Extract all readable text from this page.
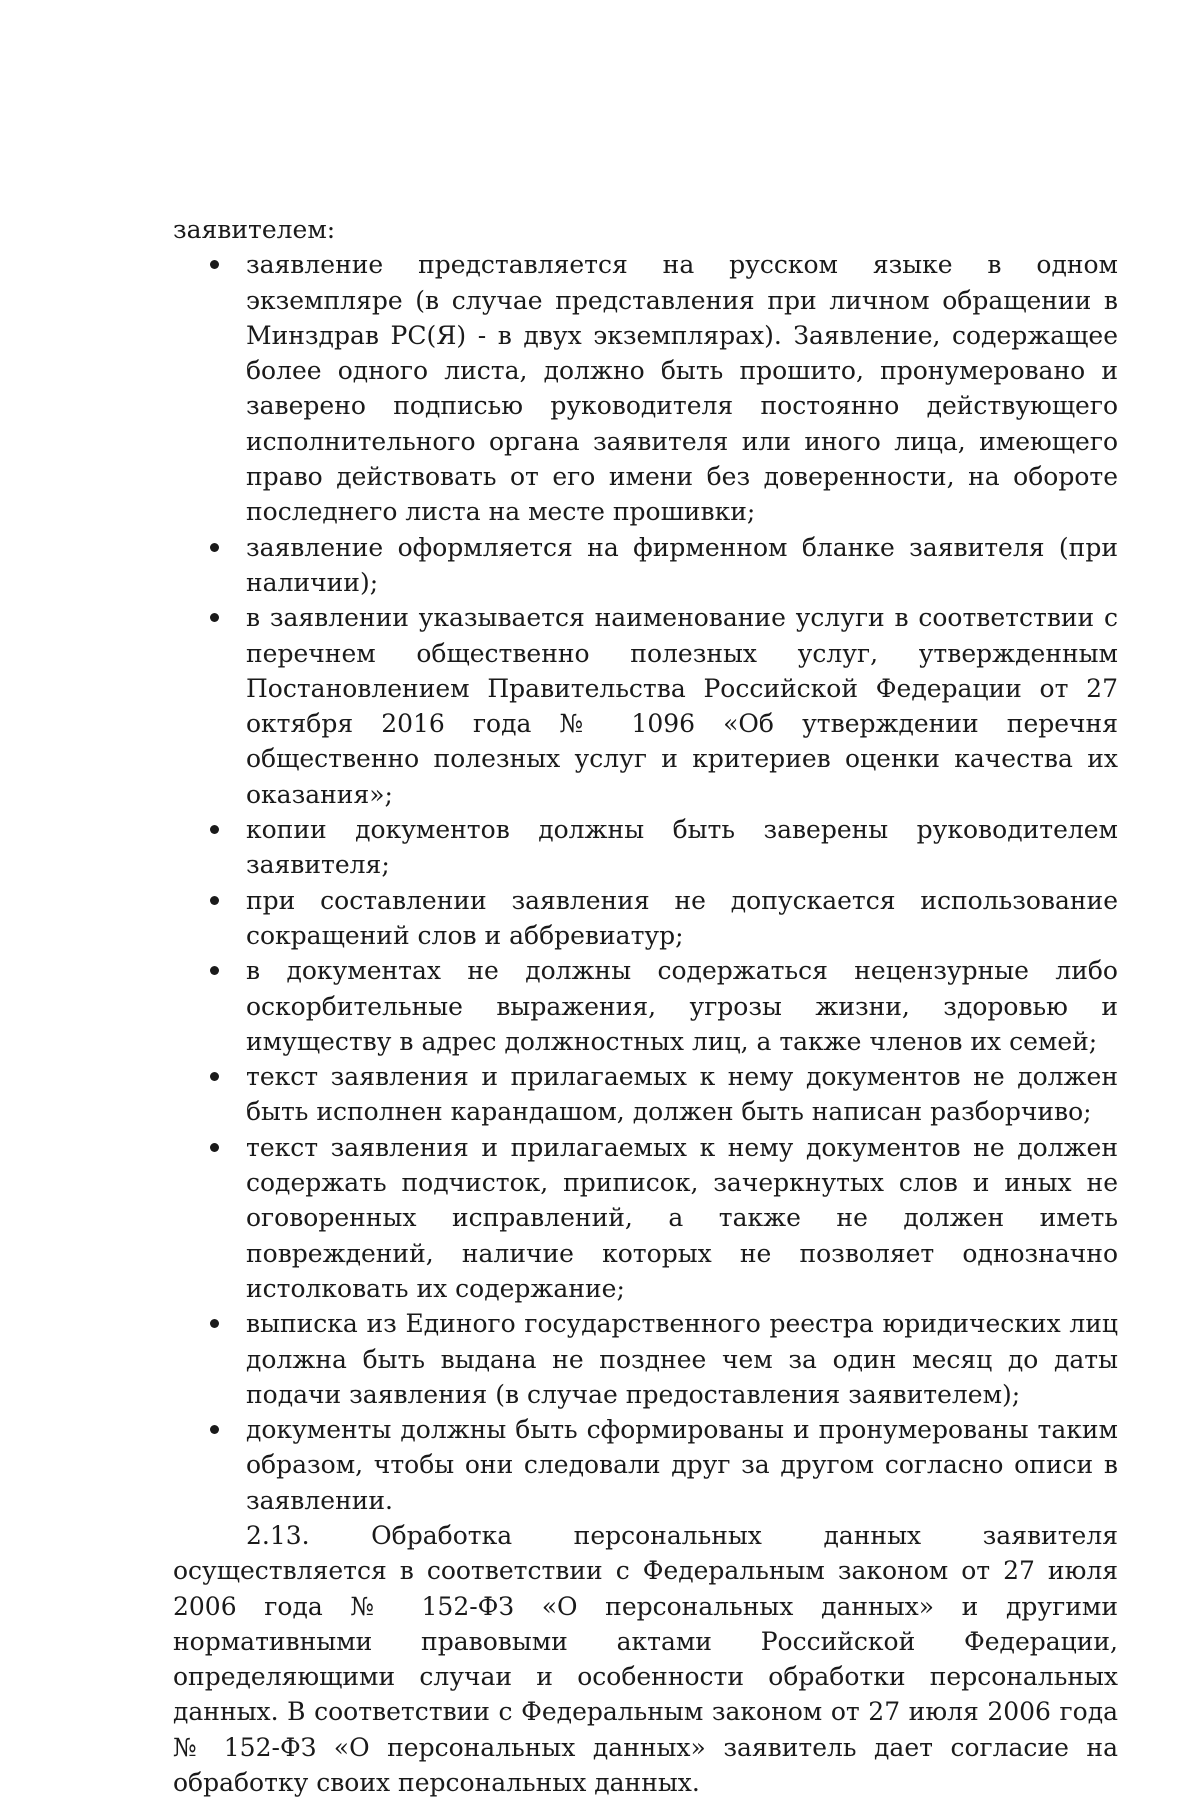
заявителем:

заявление представляется на русском языке в одном экземпляре (в случае представления при личном обращении в Минздрав РС(Я) - в двух экземплярах). Заявление, содержащее более одного листа, должно быть прошито, пронумеровано и заверено подписью руководителя постоянно действующего исполнительного органа заявителя или иного лица, имеющего право действовать от его имени без доверенности, на обороте последнего листа на месте прошивки;
заявление оформляется на фирменном бланке заявителя (при наличии);
в заявлении указывается наименование услуги в соответствии с перечнем общественно полезных услуг, утвержденным Постановлением Правительства Российской Федерации от 27 октября 2016 года № 1096 «Об утверждении перечня общественно полезных услуг и критериев оценки качества их оказания»;
копии документов должны быть заверены руководителем заявителя;
при составлении заявления не допускается использование сокращений слов и аббревиатур;
в документах не должны содержаться нецензурные либо оскорбительные выражения, угрозы жизни, здоровью и имуществу в адрес должностных лиц, а также членов их семей;
текст заявления и прилагаемых к нему документов не должен быть исполнен карандашом, должен быть написан разборчиво;
текст заявления и прилагаемых к нему документов не должен содержать подчисток, приписок, зачеркнутых слов и иных не оговоренных исправлений, а также не должен иметь повреждений, наличие которых не позволяет однозначно истолковать их содержание;
выписка из Единого государственного реестра юридических лиц должна быть выдана не позднее чем за один месяц до даты подачи заявления (в случае предоставления заявителем);
документы должны быть сформированы и пронумерованы таким образом, чтобы они следовали друг за другом согласно описи в заявлении.

2.13. Обработка персональных данных заявителя осуществляется в соответствии с Федеральным законом от 27 июля 2006 года № 152-ФЗ «О персональных данных» и другими нормативными правовыми актами Российской Федерации, определяющими случаи и особенности обработки персональных данных. В соответствии с Федеральным законом от 27 июля 2006 года № 152-ФЗ «О персональных данных» заявитель дает согласие на обработку своих персональных данных.
